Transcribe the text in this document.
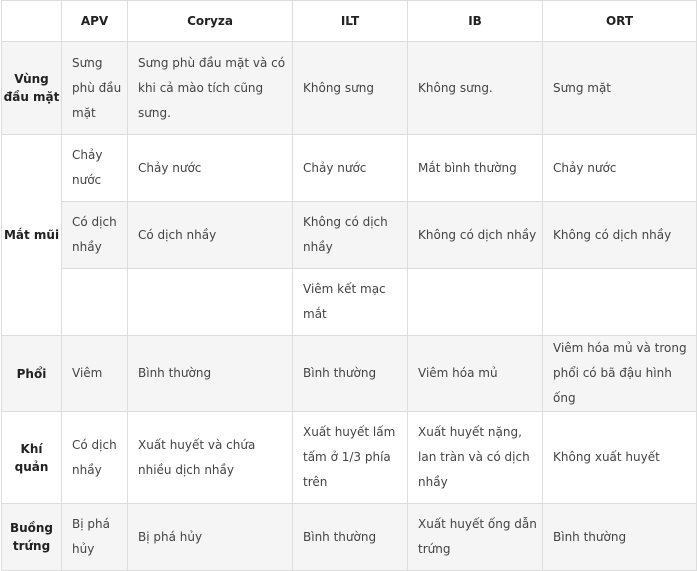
	APV	Coryza	ILT	IB	ORT
Vùng đầu mặt	Sưng phù đầu mặt	Sưng phù đầu mặt và có khi cả mào tích cũng sưng.	Không sưng	Không sưng.	Sưng mặt
Mắt mũi	Chảy nước	Chảy nước	Chảy nước	Mắt bình thường	Chảy nước
	Có dịch nhầy	Có dịch nhầy	Không có dịch nhầy	Không có dịch nhầy	Không có dịch nhầy
			Viêm kết mạc mắt		
Phổi	Viêm	Bình thường	Bình thường	Viêm hóa mủ	Viêm hóa mủ và trong phổi có bã đậu hình ống
Khí quản	Có dịch nhầy	Xuất huyết và chứa nhiều dịch nhầy	Xuất huyết lấm tấm ở 1/3 phía trên	Xuất huyết nặng, lan tràn và có dịch nhầy	Không xuất huyết
Buồng trứng	Bị phá hủy	Bị phá hủy	Bình thường	Xuất huyết ống dẫn trứng	Bình thường
